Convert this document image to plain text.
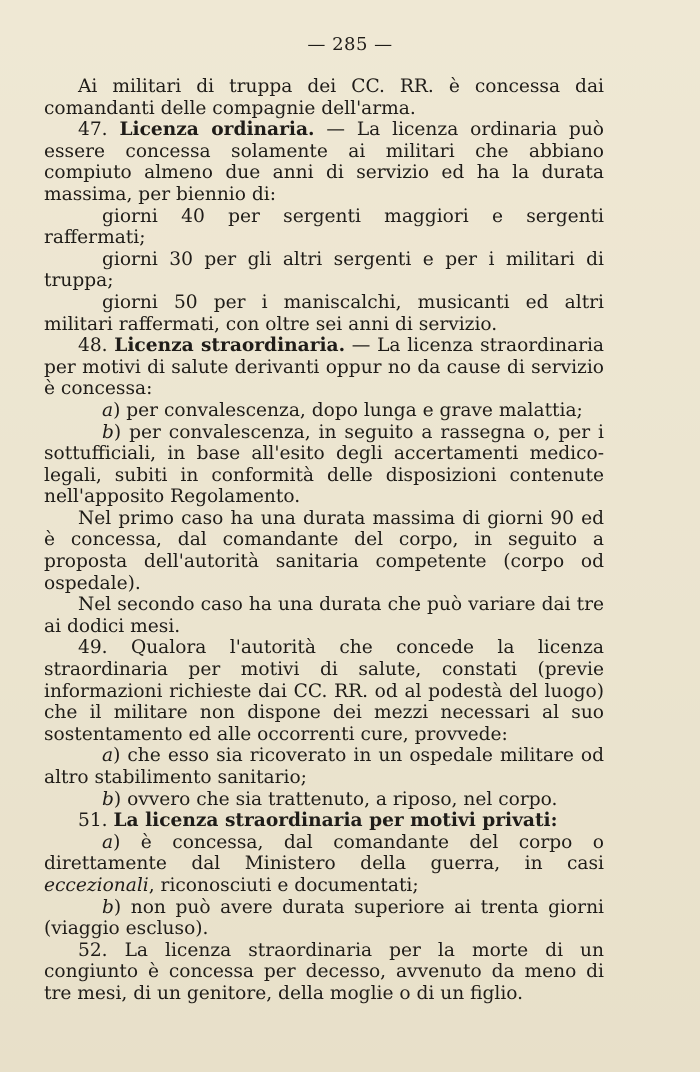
— 285 —

Ai militari di truppa dei CC. RR. è concessa dai comandanti delle compagnie dell'arma.

47. Licenza ordinaria. — La licenza ordinaria può essere concessa solamente ai militari che abbiano compiuto almeno due anni di servizio ed ha la durata massima, per biennio di:

giorni 40 per sergenti maggiori e sergenti raffermati;

giorni 30 per gli altri sergenti e per i militari di truppa;

giorni 50 per i maniscalchi, musicanti ed altri militari raffermati, con oltre sei anni di servizio.

48. Licenza straordinaria. — La licenza straordinaria per motivi di salute derivanti oppur no da cause di servizio è concessa:

a) per convalescenza, dopo lunga e grave malattia;

b) per convalescenza, in seguito a rassegna o, per i sottufficiali, in base all'esito degli accertamenti medico-legali, subiti in conformità delle disposizioni contenute nell'apposito Regolamento.

Nel primo caso ha una durata massima di giorni 90 ed è concessa, dal comandante del corpo, in seguito a proposta dell'autorità sanitaria competente (corpo od ospedale).

Nel secondo caso ha una durata che può variare dai tre ai dodici mesi.

49. Qualora l'autorità che concede la licenza straordinaria per motivi di salute, constati (previe informazioni richieste dai CC. RR. od al podestà del luogo) che il militare non dispone dei mezzi necessari al suo sostentamento ed alle occorrenti cure, provvede:

a) che esso sia ricoverato in un ospedale militare od altro stabilimento sanitario;

b) ovvero che sia trattenuto, a riposo, nel corpo.

51. La licenza straordinaria per motivi privati:

a) è concessa, dal comandante del corpo o direttamente dal Ministero della guerra, in casi eccezionali, riconosciuti e documentati;

b) non può avere durata superiore ai trenta giorni (viaggio escluso).

52. La licenza straordinaria per la morte di un congiunto è concessa per decesso, avvenuto da meno di tre mesi, di un genitore, della moglie o di un figlio.
